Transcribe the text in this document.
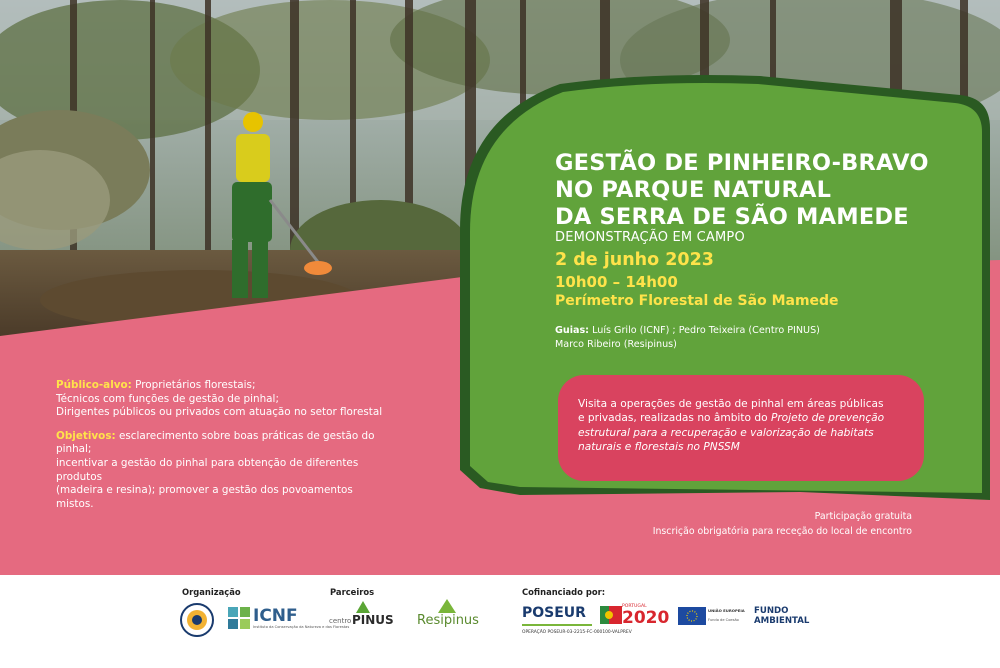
GESTÃO DE PINHEIRO-BRAVO
NO PARQUE NATURAL
DA SERRA DE SÃO MAMEDE
DEMONSTRAÇÃO EM CAMPO
2 de junho 2023
10h00 – 14h00
Perímetro Florestal de São Mamede
Guias: Luís Grilo (ICNF) ; Pedro Teixeira (Centro PINUS)
Marco Ribeiro (Resipinus)
Público-alvo: Proprietários florestais;
Técnicos com funções de gestão de pinhal;
Dirigentes públicos ou privados com atuação no setor florestal
Objetivos: esclarecimento sobre boas práticas de gestão do pinhal;
incentivar a gestão do pinhal para obtenção de diferentes produtos
(madeira e resina); promover a gestão dos povoamentos mistos.
Visita a operações de gestão de pinhal em áreas públicas
e privadas, realizadas no âmbito do Projeto de prevenção
estrutural para a recuperação e valorização de habitats
naturais e florestais no PNSSM
Participação gratuita
Inscrição obrigatória para receção do local de encontro
Organização	Parceiros	Cofinanciado por:
ICNF
Instituto da Conservação da Natureza e das Florestas
centro PINUS Resipinus	POSEUR	PORTUGAL
2020	UNIÃO EUROPEIA
Fundo de Coesão
FUNDO
AMBIENTAL
OPERAÇÃO POSEUR-03-2215-FC-000100-VALPREV
